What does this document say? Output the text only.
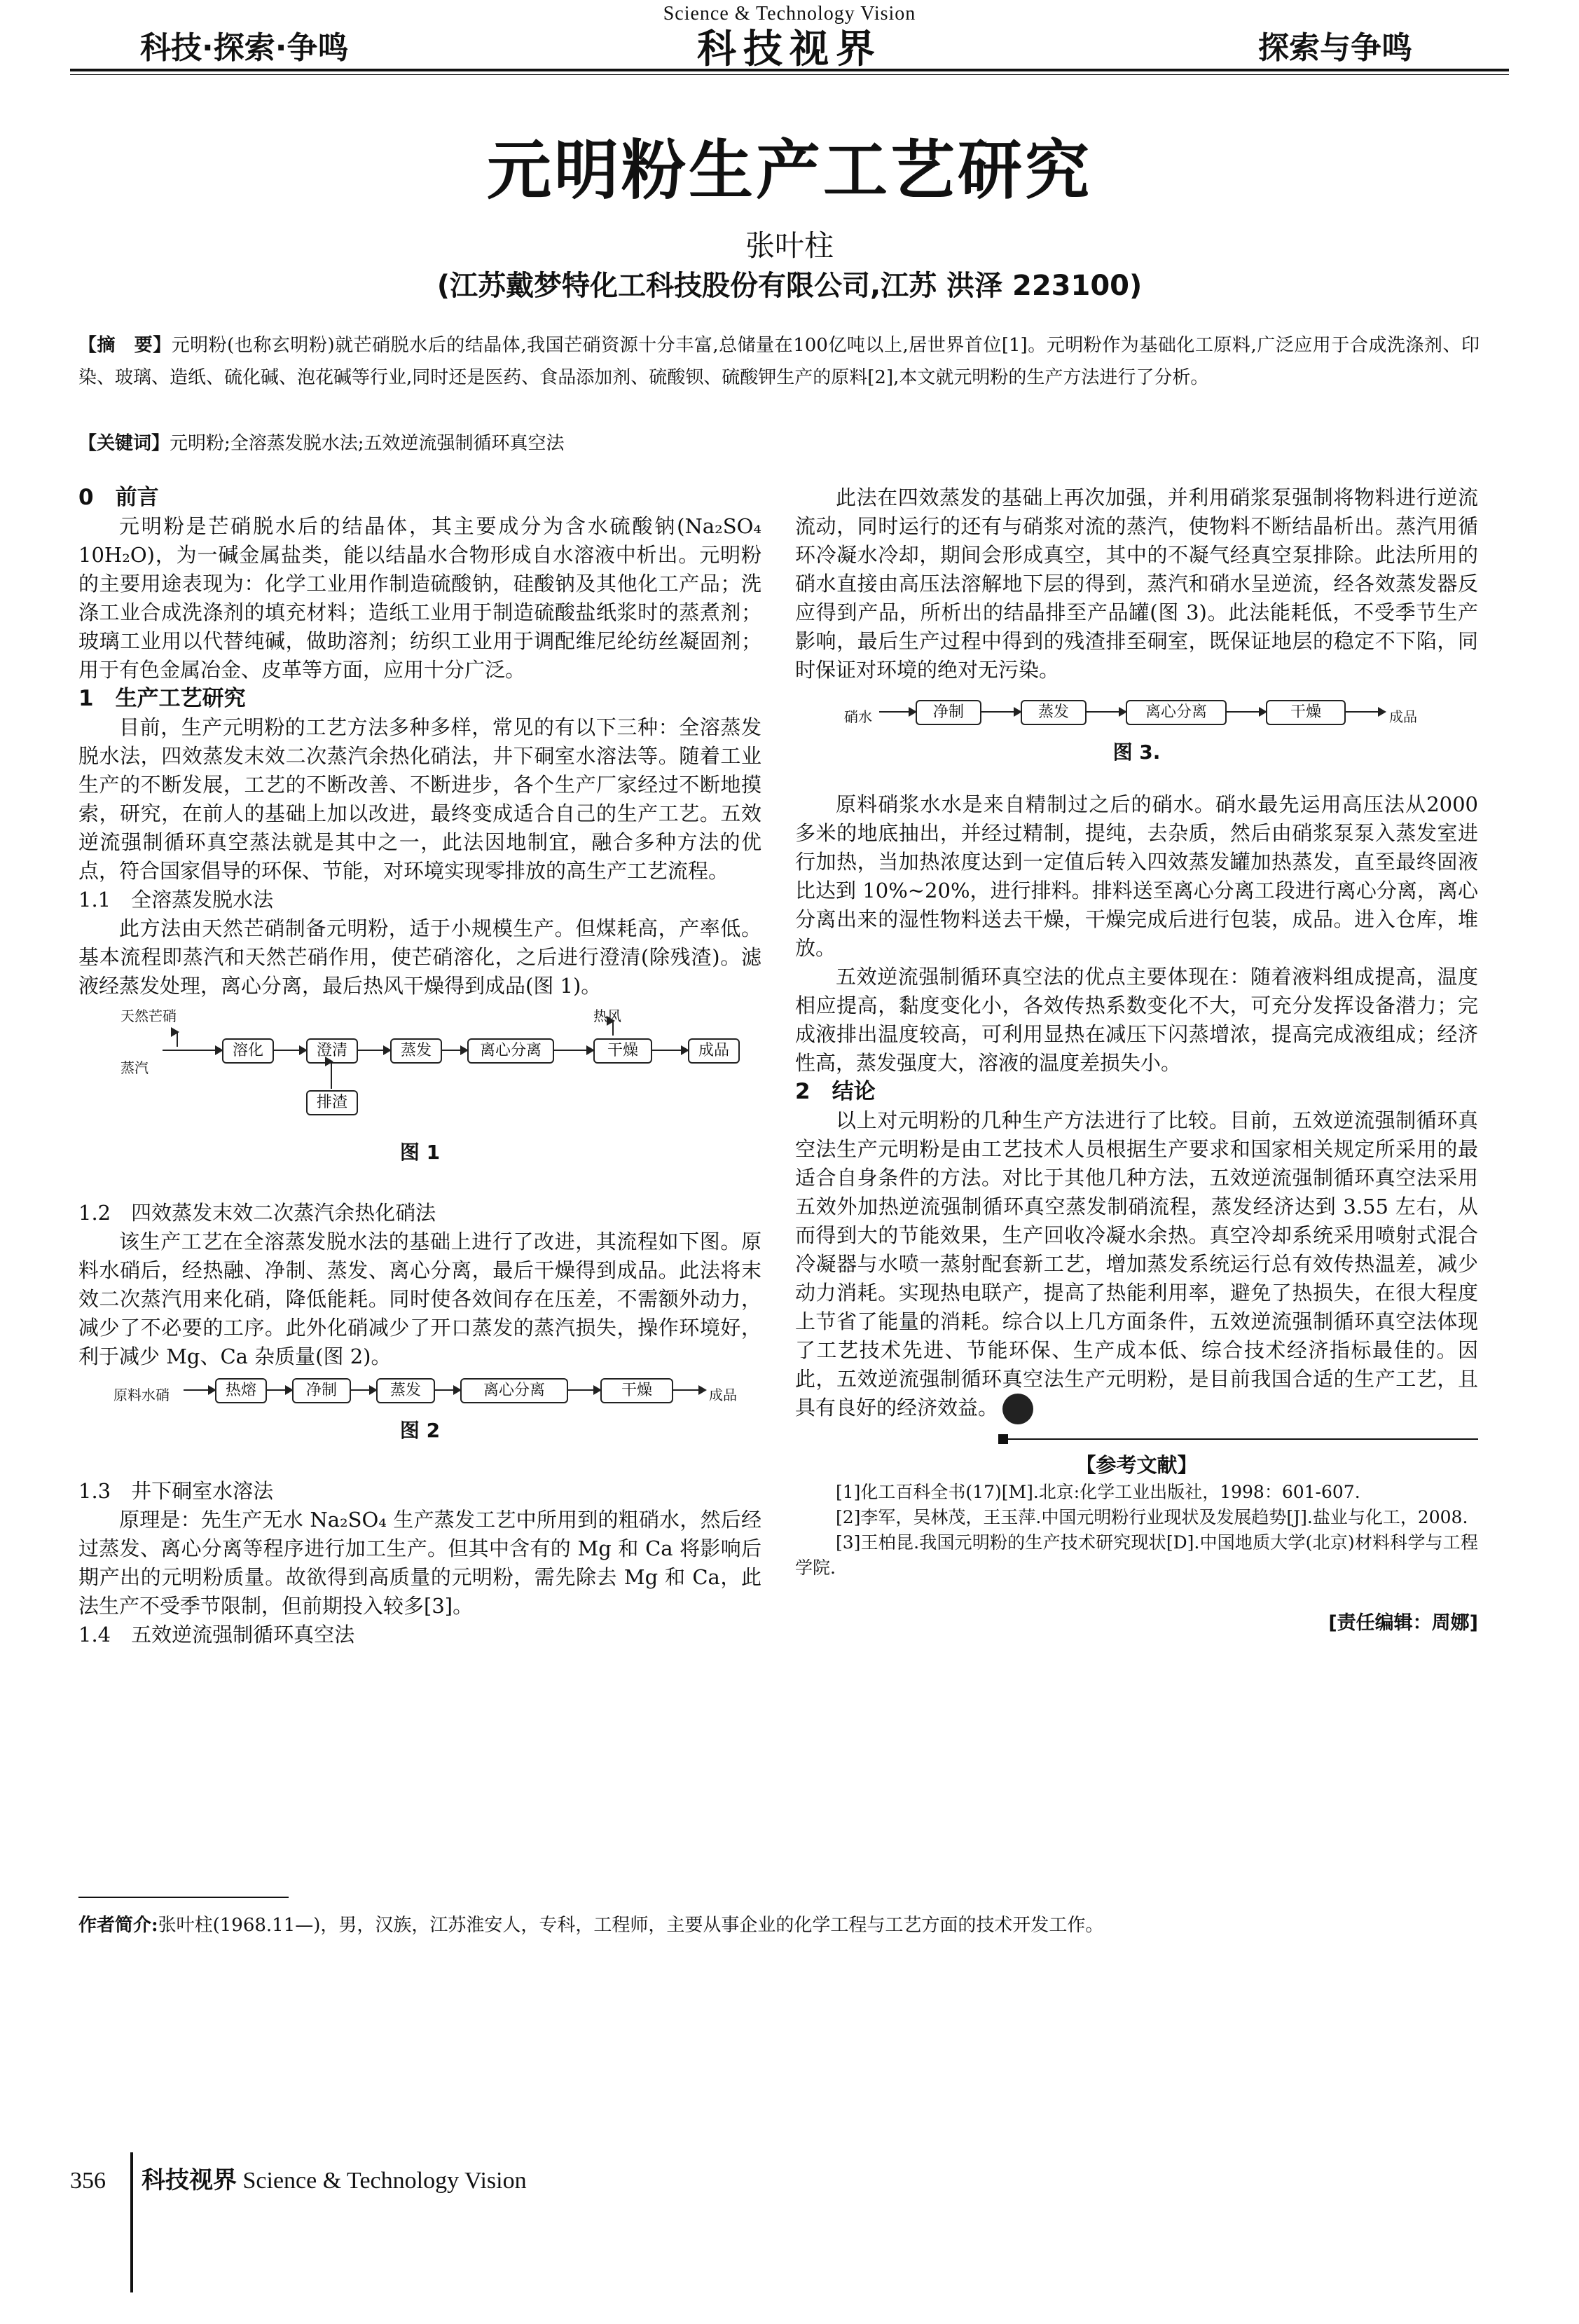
Science & Technology Vision
科技·探索·争鸣	科技视界	探索与争鸣
元明粉生产工艺研究
张叶柱
(江苏戴梦特化工科技股份有限公司,江苏 洪泽 223100)
【摘　要】元明粉(也称玄明粉)就芒硝脱水后的结晶体,我国芒硝资源十分丰富,总储量在100亿吨以上,居世界首位[1]。元明粉作为基础化工原料,广泛应用于合成洗涤剂、印染、玻璃、造纸、硫化碱、泡花碱等行业,同时还是医药、食品添加剂、硫酸钡、硫酸钾生产的原料[2],本文就元明粉的生产方法进行了分析。
【关键词】元明粉;全溶蒸发脱水法;五效逆流强制循环真空法

0　前言

元明粉是芒硝脱水后的结晶体，其主要成分为含水硫酸钠(Na₂SO₄ 10H₂O)，为一碱金属盐类，能以结晶水合物形成自水溶液中析出。元明粉的主要用途表现为：化学工业用作制造硫酸钠，硅酸钠及其他化工产品；洗涤工业合成洗涤剂的填充材料；造纸工业用于制造硫酸盐纸浆时的蒸煮剂；玻璃工业用以代替纯碱，做助溶剂；纺织工业用于调配维尼纶纺丝凝固剂；用于有色金属冶金、皮革等方面，应用十分广泛。

1　生产工艺研究

目前，生产元明粉的工艺方法多种多样，常见的有以下三种：全溶蒸发脱水法，四效蒸发末效二次蒸汽余热化硝法，井下硐室水溶法等。随着工业生产的不断发展，工艺的不断改善、不断进步，各个生产厂家经过不断地摸索，研究，在前人的基础上加以改进，最终变成适合自己的生产工艺。五效逆流强制循环真空蒸法就是其中之一，此法因地制宜，融合多种方法的优点，符合国家倡导的环保、节能，对环境实现零排放的高生产工艺流程。

1.1　全溶蒸发脱水法

此方法由天然芒硝制备元明粉，适于小规模生产。但煤耗高，产率低。基本流程即蒸汽和天然芒硝作用，使芒硝溶化，之后进行澄清(除残渣)。滤液经蒸发处理，离心分离，最后热风干燥得到成品(图 1)。

天然芒硝
蒸汽
热风
溶化	澄清	蒸发	离心分离	干燥	成品
排渣
图 1

1.2　四效蒸发末效二次蒸汽余热化硝法

该生产工艺在全溶蒸发脱水法的基础上进行了改进，其流程如下图。原料水硝后，经热融、净制、蒸发、离心分离，最后干燥得到成品。此法将末效二次蒸汽用来化硝，降低能耗。同时使各效间存在压差，不需额外动力，减少了不必要的工序。此外化硝减少了开口蒸发的蒸汽损失，操作环境好，利于减少 Mg、Ca 杂质量(图 2)。

原料水硝	热熔	净制	蒸发	离心分离	干燥	成品
图 2

1.3　井下硐室水溶法

原理是：先生产无水 Na₂SO₄ 生产蒸发工艺中所用到的粗硝水，然后经过蒸发、离心分离等程序进行加工生产。但其中含有的 Mg 和 Ca 将影响后期产出的元明粉质量。故欲得到高质量的元明粉，需先除去 Mg 和 Ca，此法生产不受季节限制，但前期投入较多[3]。

1.4　五效逆流强制循环真空法

此法在四效蒸发的基础上再次加强，并利用硝浆泵强制将物料进行逆流流动，同时运行的还有与硝浆对流的蒸汽，使物料不断结晶析出。蒸汽用循环冷凝水冷却，期间会形成真空，其中的不凝气经真空泵排除。此法所用的硝水直接由高压法溶解地下层的得到，蒸汽和硝水呈逆流，经各效蒸发器反应得到产品，所析出的结晶排至产品罐(图 3)。此法能耗低，不受季节生产影响，最后生产过程中得到的残渣排至硐室，既保证地层的稳定不下陷，同时保证对环境的绝对无污染。

硝水	净制	蒸发	离心分离	干燥	成品
图 3.

原料硝浆水水是来自精制过之后的硝水。硝水最先运用高压法从2000 多米的地底抽出，并经过精制，提纯，去杂质，然后由硝浆泵泵入蒸发室进行加热，当加热浓度达到一定值后转入四效蒸发罐加热蒸发，直至最终固液比达到 10%~20%，进行排料。排料送至离心分离工段进行离心分离，离心分离出来的湿性物料送去干燥，干燥完成后进行包装，成品。进入仓库，堆放。

五效逆流强制循环真空法的优点主要体现在：随着液料组成提高，温度相应提高，黏度变化小，各效传热系数变化不大，可充分发挥设备潜力；完成液排出温度较高，可利用显热在减压下闪蒸增浓，提高完成液组成；经济性高，蒸发强度大，溶液的温度差损失小。

2　结论

以上对元明粉的几种生产方法进行了比较。目前，五效逆流强制循环真空法生产元明粉是由工艺技术人员根据生产要求和国家相关规定所采用的最适合自身条件的方法。对比于其他几种方法，五效逆流强制循环真空法采用五效外加热逆流强制循环真空蒸发制硝流程，蒸发经济达到 3.55 左右，从而得到大的节能效果，生产回收冷凝水余热。真空冷却系统采用喷射式混合冷凝器与水喷一蒸射配套新工艺，增加蒸发系统运行总有效传热温差，减少动力消耗。实现热电联产，提高了热能利用率，避免了热损失，在很大程度上节省了能量的消耗。综合以上几方面条件，五效逆流强制循环真空法体现了工艺技术先进、节能环保、生产成本低、综合技术经济指标最佳的。因此，五效逆流强制循环真空法生产元明粉，是目前我国合适的生产工艺，且具有良好的经济效益。 S

【参考文献】

[1]化工百科全书(17)[M].北京:化学工业出版社，1998：601-607.

[2]李军，吴林茂，王玉萍.中国元明粉行业现状及发展趋势[J].盐业与化工，2008.

[3]王柏昆.我国元明粉的生产技术研究现状[D].中国地质大学(北京)材料科学与工程学院.

[责任编辑：周娜]
作者简介:张叶柱(1968.11—)，男，汉族，江苏淮安人，专科，工程师，主要从事企业的化学工程与工艺方面的技术开发工作。
356 科技视界 Science & Technology Vision
